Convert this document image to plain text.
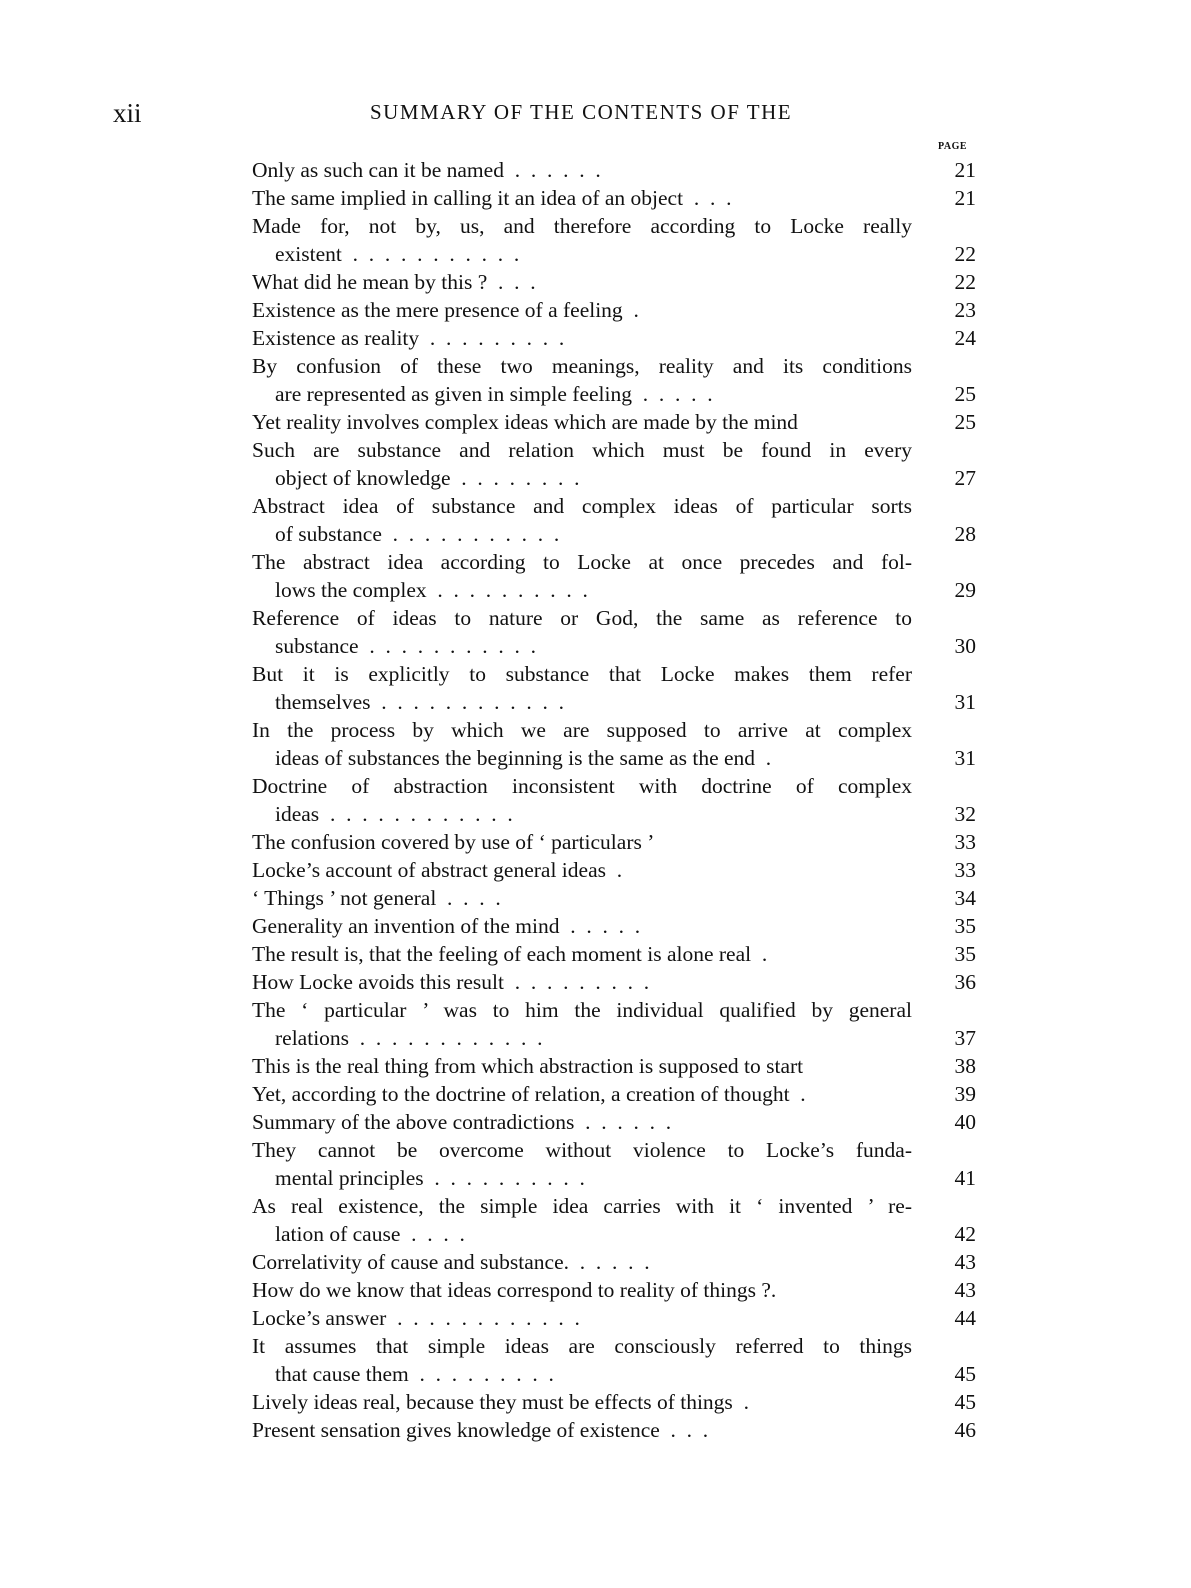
xii	SUMMARY OF THE CONTENTS OF THE
PAGE
Only as such can it be named  .  .  .  .  .  .	21
The same implied in calling it an idea of an object  .  .  .	21
Made for, not by, us, and therefore according to Locke really
existent  .  .  .  .  .  .  .  .  .  .  .	22
What did he mean by this ?  .  .  .	22
Existence as the mere presence of a feeling  .	23
Existence as reality  .  .  .  .  .  .  .  .  .	24
By confusion of these two meanings, reality and its conditions
are represented as given in simple feeling  .  .  .  .  .	25
Yet reality involves complex ideas which are made by the mind	25
Such are substance and relation which must be found in every
object of knowledge  .  .  .  .  .  .  .  .	27
Abstract idea of substance and complex ideas of particular sorts
of substance  .  .  .  .  .  .  .  .  .  .  .	28
The abstract idea according to Locke at once precedes and fol-
lows the complex  .  .  .  .  .  .  .  .  .  .	29
Reference of ideas to nature or God, the same as reference to
substance  .  .  .  .  .  .  .  .  .  .  .	30
But it is explicitly to substance that Locke makes them refer
themselves  .  .  .  .  .  .  .  .  .  .  .  .	31
In the process by which we are supposed to arrive at complex
ideas of substances the beginning is the same as the end  .	31
Doctrine of abstraction inconsistent with doctrine of complex
ideas  .  .  .  .  .  .  .  .  .  .  .  .	32
The confusion covered by use of ‘ particulars ’	33
Locke’s account of abstract general ideas  .	33
‘ Things ’ not general  .  .  .  .	34
Generality an invention of the mind  .  .  .  .  .	35
The result is, that the feeling of each moment is alone real  .	35
How Locke avoids this result  .  .  .  .  .  .  .  .  .	36
The ‘ particular ’ was to him the individual qualified by general
relations  .  .  .  .  .  .  .  .  .  .  .  .	37
This is the real thing from which abstraction is supposed to start	38
Yet, according to the doctrine of relation, a creation of thought  .	39
Summary of the above contradictions  .  .  .  .  .  .	40
They cannot be overcome without violence to Locke’s funda-
mental principles  .  .  .  .  .  .  .  .  .  .	41
As real existence, the simple idea carries with it ‘ invented ’ re-
lation of cause  .  .  .  .	42
Correlativity of cause and substance.  .  .  .  .  .	43
How do we know that ideas correspond to reality of things ?.	43
Locke’s answer  .  .  .  .  .  .  .  .  .  .  .  .	44
It assumes that simple ideas are consciously referred to things
that cause them  .  .  .  .  .  .  .  .  .	45
Lively ideas real, because they must be effects of things  .	45
Present sensation gives knowledge of existence  .  .  .	46
